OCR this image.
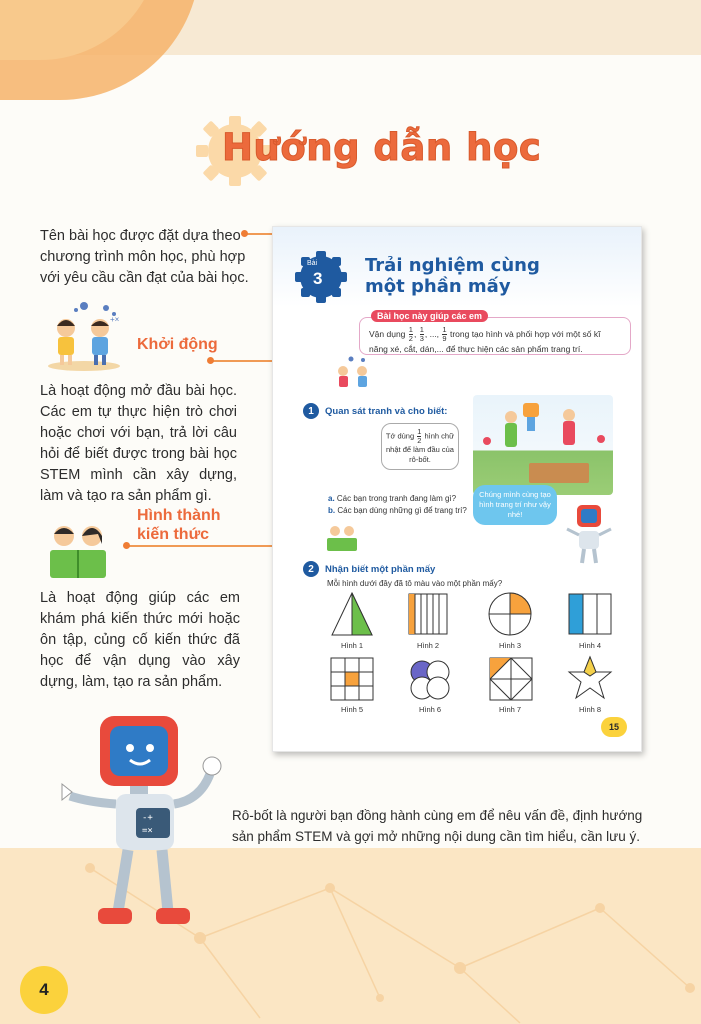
Hướng dẫn học
Tên bài học được đặt dựa theo chương trình môn học, phù hợp với yêu cầu cần đạt của bài học.
+×
Khởi động
Là hoạt động mở đầu bài học. Các em tự thực hiện trò chơi hoặc chơi với bạn, trả lời câu hỏi để biết được trong bài học STEM mình cần xây dựng, làm và tạo ra sản phẩm gì.
Hình thành
kiến thức
Là hoạt động giúp các em khám phá kiến thức mới hoặc ôn tập, củng cố kiến thức đã học để vận dụng vào xây dựng, làm, tạo ra sản phẩm.
-+
=×
Bài
3
Trải nghiệm cùng
một phần mấy
Bài học này giúp các em
Vận dụng $\frac{1}{2}$ , $\frac{1}{3}$ , ..., $\frac{1}{9}$ trong tạo hình và phối hợp với một số kĩ năng xé, cắt, dán,... để thực hiện các sản phẩm trang trí.
1	Quan sát tranh và cho biết:
Tớ dùng $\frac{1}{2}$ hình chữ nhật để làm đầu của rô-bốt.
Chúng mình cùng tạo hình trang trí như vậy nhé!
a. Các bạn trong tranh đang làm gì?
b. Các bạn dùng những gì để trang trí?
2	Nhận biết một phần mấy
Mỗi hình dưới đây đã tô màu vào một phần mấy?
Hình 1	Hình 2	Hình 3	Hình 4
Hình 5	Hình 6	Hình 7	Hình 8
15
Rô-bốt là người bạn đồng hành cùng em để nêu vấn đề, định hướng sản phẩm STEM và gợi mở những nội dung cần tìm hiểu, cần lưu ý.
4
